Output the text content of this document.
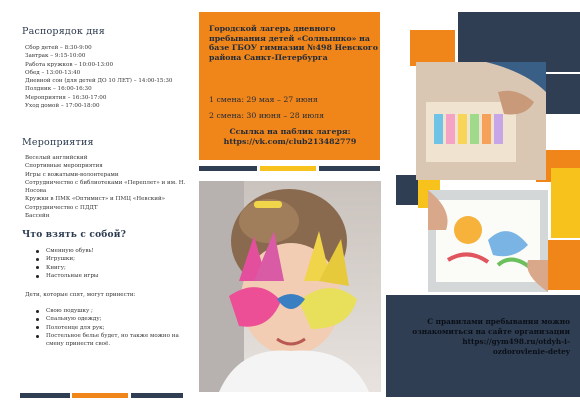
Распорядок дня
Сбор детей – 8:30-9:00
Завтрак – 9:15-10:00
Работа кружков – 10:00-13:00
Обед – 13:00-13:40
Дневной сон (для детей ДО 10 ЛЕТ) – 14:00-15:30
Полдник – 16:00-16:30
Мероприятия – 16:30-17:00
Уход домой – 17:00-18:00
Мероприятия
Веселый английский
Спортивные мероприятия
Игры с вожатыми-волонтерами
Сотрудничество с библиотеками «Переплет» и им. Н. Носова
Кружки в ПМК «Оптимист» и ПМЦ «Невский»
Сотрудничество с ПДДТ
Бассейн
Что взять с собой?
Сменную обувь!
Игрушки;
Книгу;
Настольные игры
Дети, которые спят, могут принести:
Свою подушку ;
Спальную одежду;
Полотенце для рук;
Постельное белье будет, но также можно на смену принести своё.
Городской лагерь дневного пребывания детей «Солнышко» на базе ГБОУ гимназии №498 Невского района Санкт-Петербурга
1 смена: 29 мая – 27 июня
2 смена: 30 июня – 28 июля
Ссылка на паблик лагеря:
https://vk.com/club213482779
С правилами пребывания можно
ознакомиться на сайте организации
https://gym498.ru/otdyh-i-
ozdorovlenie-detey
